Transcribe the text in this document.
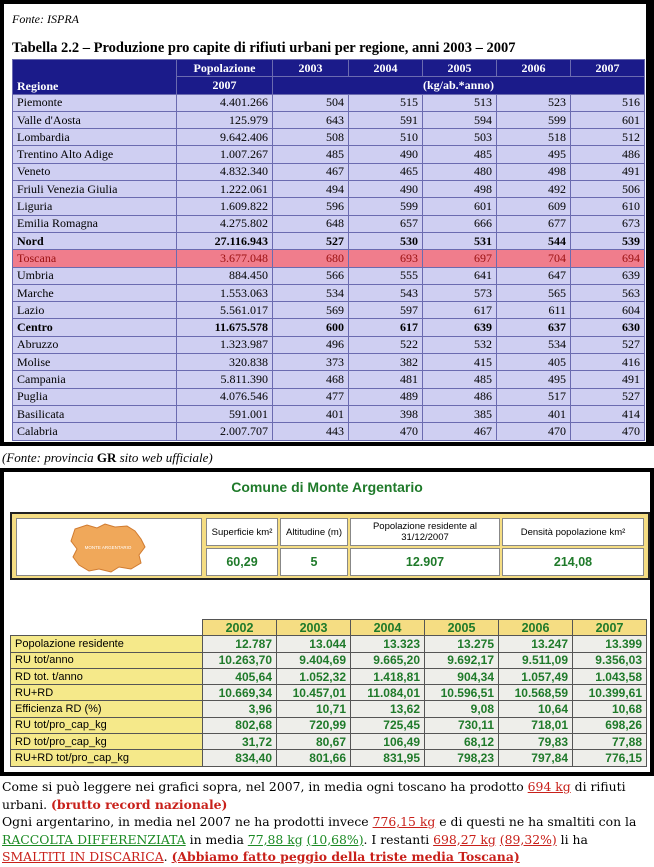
Fonte: ISPRA
Tabella 2.2 – Produzione pro capite di rifiuti urbani per regione, anni 2003 – 2007
Regione	Popolazione	2003	2004	2005	2006	2007
	2007	(kg/ab.*anno)				
Piemonte	4.401.266	504	515	513	523	516
Valle d'Aosta	125.979	643	591	594	599	601
Lombardia	9.642.406	508	510	503	518	512
Trentino Alto Adige	1.007.267	485	490	485	495	486
Veneto	4.832.340	467	465	480	498	491
Friuli Venezia Giulia	1.222.061	494	490	498	492	506
Liguria	1.609.822	596	599	601	609	610
Emilia Romagna	4.275.802	648	657	666	677	673
Nord	27.116.943	527	530	531	544	539
Toscana	3.677.048	680	693	697	704	694
Umbria	884.450	566	555	641	647	639
Marche	1.553.063	534	543	573	565	563
Lazio	5.561.017	569	597	617	611	604
Centro	11.675.578	600	617	639	637	630
Abruzzo	1.323.987	496	522	532	534	527
Molise	320.838	373	382	415	405	416
Campania	5.811.390	468	481	485	495	491
Puglia	4.076.546	477	489	486	517	527
Basilicata	591.001	401	398	385	401	414
Calabria	2.007.707	443	470	467	470	470
(Fonte: provincia GR sito web ufficiale)
Comune di Monte Argentario
MONTE ARGENTARIO
Superficie km²	Altitudine (m)	Popolazione residente al 31/12/2007	Densità popolazione km²
60,29	5	12.907	214,08
	2002	2003	2004	2005	2006	2007
Popolazione residente	12.787	13.044	13.323	13.275	13.247	13.399
RU tot/anno	10.263,70	9.404,69	9.665,20	9.692,17	9.511,09	9.356,03
RD tot. t/anno	405,64	1.052,32	1.418,81	904,34	1.057,49	1.043,58
RU+RD	10.669,34	10.457,01	11.084,01	10.596,51	10.568,59	10.399,61
Efficienza RD (%)	3,96	10,71	13,62	9,08	10,64	10,68
RU tot/pro_cap_kg	802,68	720,99	725,45	730,11	718,01	698,26
RD tot/pro_cap_kg	31,72	80,67	106,49	68,12	79,83	77,88
RU+RD tot/pro_cap_kg	834,40	801,66	831,95	798,23	797,84	776,15

Come si può leggere nei grafici sopra, nel 2007, in media ogni toscano ha prodotto 694 kg di rifiuti urbani. (brutto record nazionale)

Ogni argentarino, in media nel 2007 ne ha prodotti invece 776,15 kg e di questi ne ha smaltiti con la RACCOLTA DIFFERENZIATA in media 77,88 kg (10,68%). I restanti 698,27 kg (89,32%) li ha SMALTITI IN DISCARICA. (Abbiamo fatto peggio della triste media Toscana)
